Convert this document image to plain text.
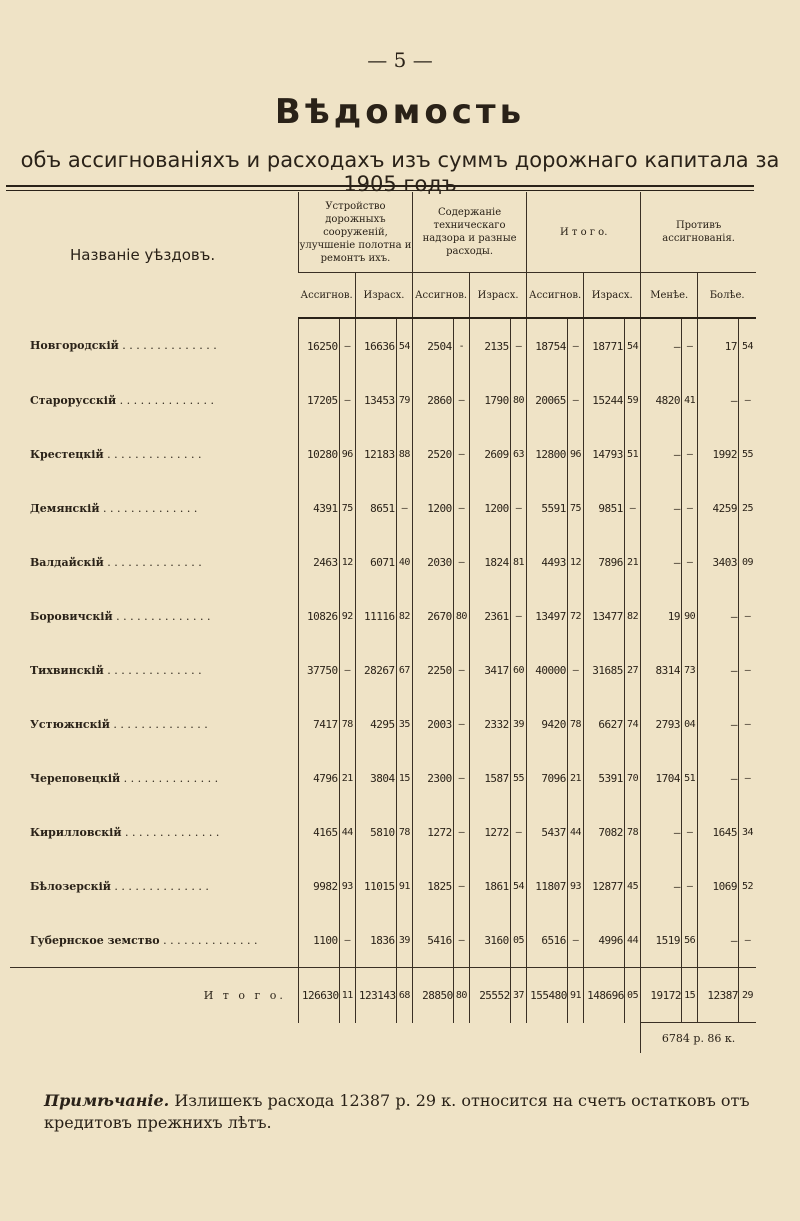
— 5 —
Вѣдомость
объ ассигнованіяхъ и расходахъ изъ суммъ дорожнаго капитала за 1905 годъ
Названіе уѣздовъ.	Устройство дорожныхъ сооруженій, улучшеніе полотна и ремонтъ ихъ.				Содержаніе техническаго надзора и разные расходы.				И т о г о.				Противъ ассигнованія.			
	Ассигнов.		Израсх.		Ассигнов.		Израсх.		Ассигнов.		Израсх.		Менѣе.		Болѣе.	
Новгородскій . . . . . . . . . . . . . .	16250	—	16636	54	2504	-	2135	—	18754	—	18771	54	—	—	17	54
Старорусскій . . . . . . . . . . . . . .	17205	—	13453	79	2860	—	1790	80	20065	—	15244	59	4820	41	—	—
Крестецкій . . . . . . . . . . . . . .	10280	96	12183	88	2520	—	2609	63	12800	96	14793	51	—	—	1992	55
Демянскій . . . . . . . . . . . . . .	4391	75	8651	—	1200	—	1200	—	5591	75	9851	—	—	—	4259	25
Валдайскій . . . . . . . . . . . . . .	2463	12	6071	40	2030	—	1824	81	4493	12	7896	21	—	—	3403	09
Боровичскій . . . . . . . . . . . . . .	10826	92	11116	82	2670	80	2361	—	13497	72	13477	82	19	90	—	—
Тихвинскій . . . . . . . . . . . . . .	37750	—	28267	67	2250	—	3417	60	40000	—	31685	27	8314	73	—	—
Устюжнскій . . . . . . . . . . . . . .	7417	78	4295	35	2003	—	2332	39	9420	78	6627	74	2793	04	—	—
Череповецкій . . . . . . . . . . . . . .	4796	21	3804	15	2300	—	1587	55	7096	21	5391	70	1704	51	—	—
Кирилловскій . . . . . . . . . . . . . .	4165	44	5810	78	1272	—	1272	—	5437	44	7082	78	—	—	1645	34
Бѣлозерскій . . . . . . . . . . . . . .	9982	93	11015	91	1825	—	1861	54	11807	93	12877	45	—	—	1069	52
Губернское земство . . . . . . . . . . . . . .	1100	—	1836	39	5416	—	3160	05	6516	—	4996	44	1519	56	—	—
И т о г о.	126630	11	123143	68	28850	80	25552	37	155480	91	148696	05	19172	15	12387	29
													6784 р. 86 к.			
Примѣчаніе. Излишекъ расхода 12387 р. 29 к. относится на счетъ остатковъ отъ кредитовъ прежнихъ лѣтъ.
